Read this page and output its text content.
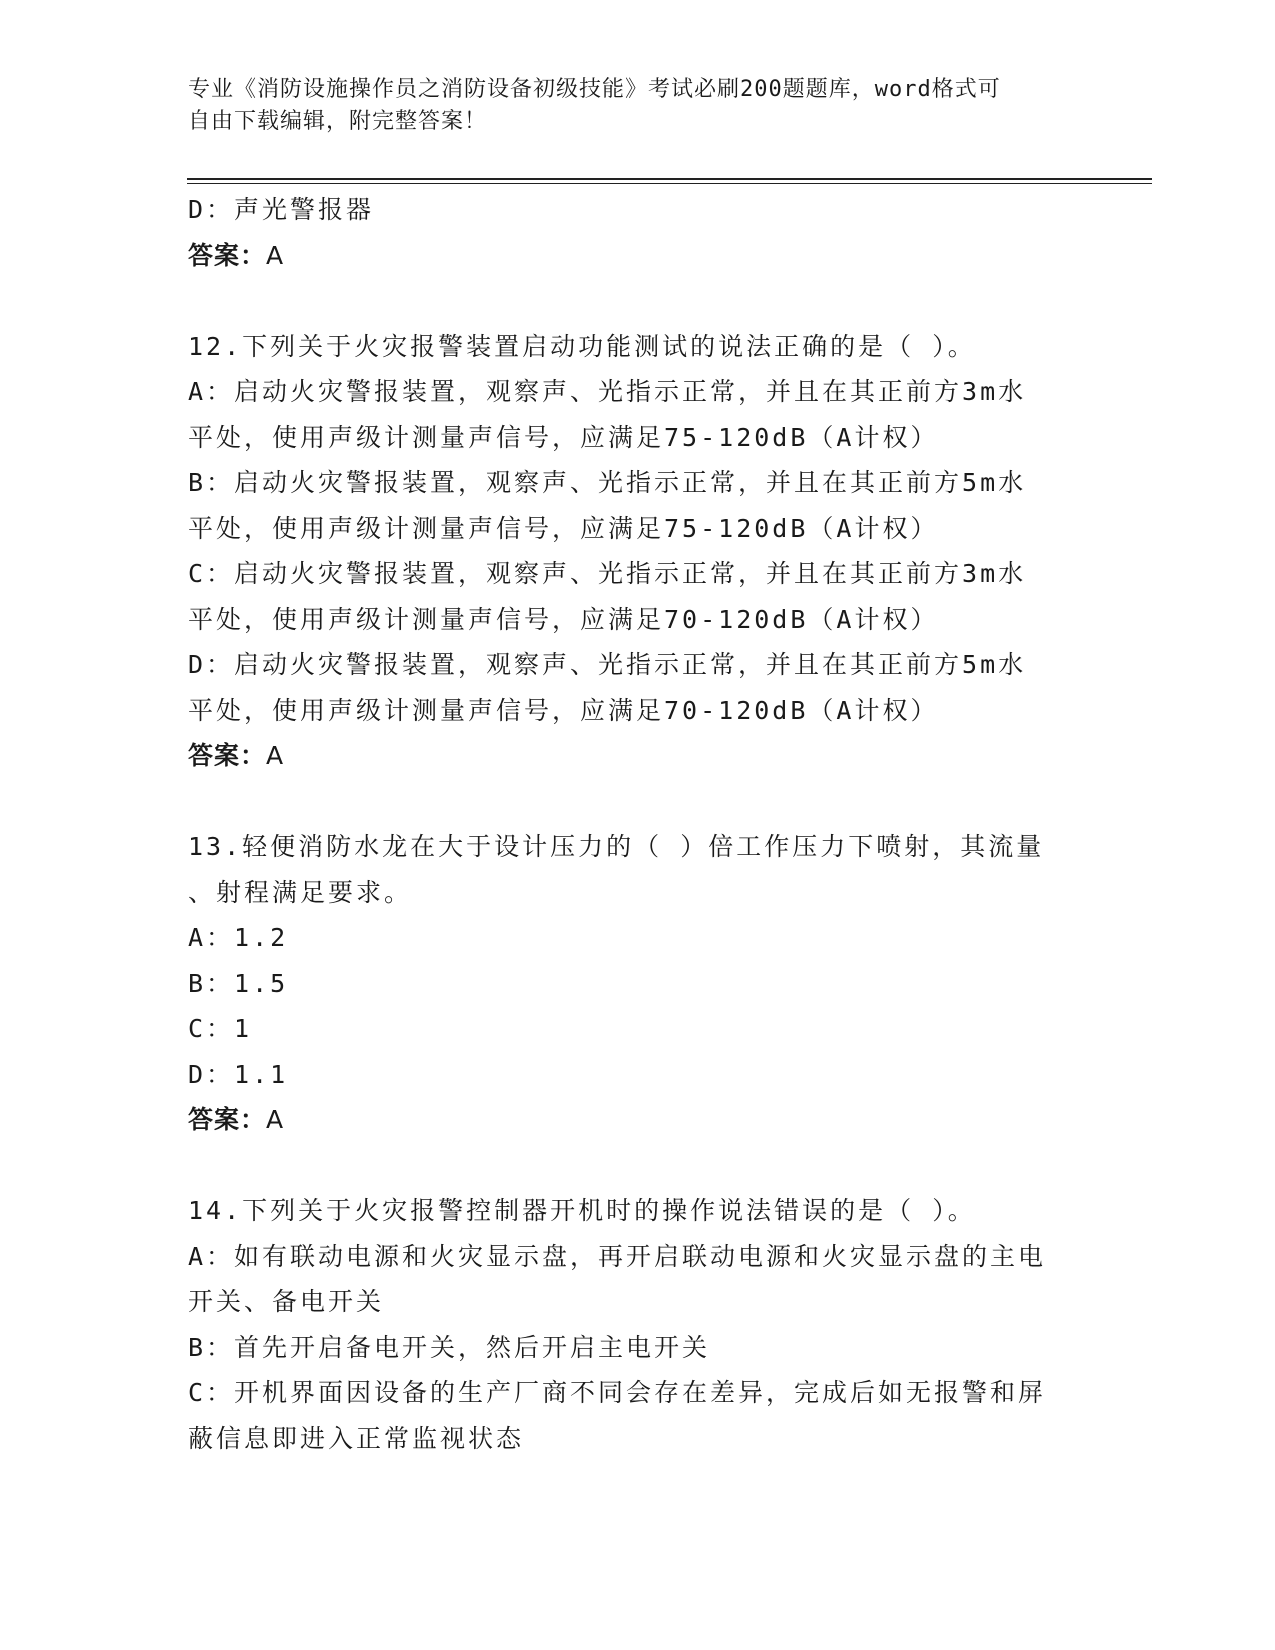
专业《消防设施操作员之消防设备初级技能》考试必刷200题题库，word格式可
自由下载编辑，附完整答案！
D：声光警报器
答案：A
12.下列关于火灾报警装置启动功能测试的说法正确的是（ ）。
A：启动火灾警报装置，观察声、光指示正常，并且在其正前方3m水
平处，使用声级计测量声信号，应满足75-120dB（A计权）
B：启动火灾警报装置，观察声、光指示正常，并且在其正前方5m水
平处，使用声级计测量声信号，应满足75-120dB（A计权）
C：启动火灾警报装置，观察声、光指示正常，并且在其正前方3m水
平处，使用声级计测量声信号，应满足70-120dB（A计权）
D：启动火灾警报装置，观察声、光指示正常，并且在其正前方5m水
平处，使用声级计测量声信号，应满足70-120dB（A计权）
答案：A
13.轻便消防水龙在大于设计压力的（ ）倍工作压力下喷射，其流量
、射程满足要求。
A：1.2
B：1.5
C：1
D：1.1
答案：A
14.下列关于火灾报警控制器开机时的操作说法错误的是（ ）。
A：如有联动电源和火灾显示盘，再开启联动电源和火灾显示盘的主电
开关、备电开关
B：首先开启备电开关，然后开启主电开关
C：开机界面因设备的生产厂商不同会存在差异，完成后如无报警和屏
蔽信息即进入正常监视状态
